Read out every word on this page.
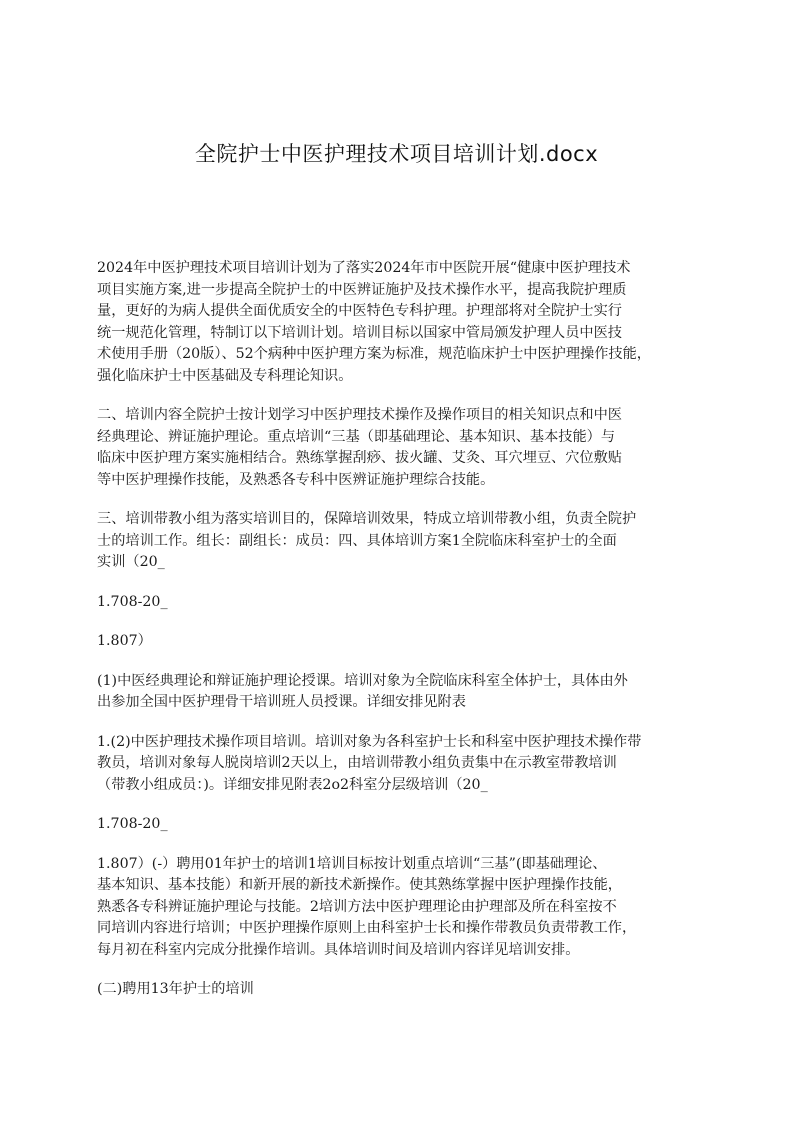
全院护士中医护理技术项目培训计划.docx

2024年中医护理技术项目培训计划为了落实2024年市中医院开展“健康中医护理技术
项目实施方案,进一步提高全院护士的中医辨证施护及技术操作水平，提高我院护理质
量，更好的为病人提供全面优质安全的中医特色专科护理。护理部将对全院护士实行
统一规范化管理，特制订以下培训计划。培训目标以国家中管局颁发护理人员中医技
术使用手册（20版）、52个病种中医护理方案为标准，规范临床护士中医护理操作技能，
强化临床护士中医基础及专科理论知识。

二、培训内容全院护士按计划学习中医护理技术操作及操作项目的相关知识点和中医
经典理论、辨证施护理论。重点培训“三基（即基础理论、基本知识、基本技能）与
临床中医护理方案实施相结合。熟练掌握刮痧、拔火罐、艾灸、耳穴埋豆、穴位敷贴
等中医护理操作技能，及熟悉各专科中医辨证施护理综合技能。

三、培训带教小组为落实培训目的，保障培训效果，特成立培训带教小组，负责全院护
士的培训工作。组长：副组长：成员：四、具体培训方案1全院临床科室护士的全面
实训（20_

1.708-20_

1.807）

(1)中医经典理论和辩证施护理论授课。培训对象为全院临床科室全体护士，具体由外
出参加全国中医护理骨干培训班人员授课。详细安排见附表

1.(2)中医护理技术操作项目培训。培训对象为各科室护士长和科室中医护理技术操作带
教员，培训对象每人脱岗培训2天以上，由培训带教小组负责集中在示教室带教培训
（带教小组成员：)。详细安排见附表2o2科室分层级培训（20_

1.708-20_

1.807）(-）聘用01年护士的培训1培训目标按计划重点培训“三基”(即基础理论、
基本知识、基本技能）和新开展的新技术新操作。使其熟练掌握中医护理操作技能，
熟悉各专科辨证施护理论与技能。2培训方法中医护理理论由护理部及所在科室按不
同培训内容进行培训；中医护理操作原则上由科室护士长和操作带教员负责带教工作，
每月初在科室内完成分批操作培训。具体培训时间及培训内容详见培训安排。

(二)聘用13年护士的培训
